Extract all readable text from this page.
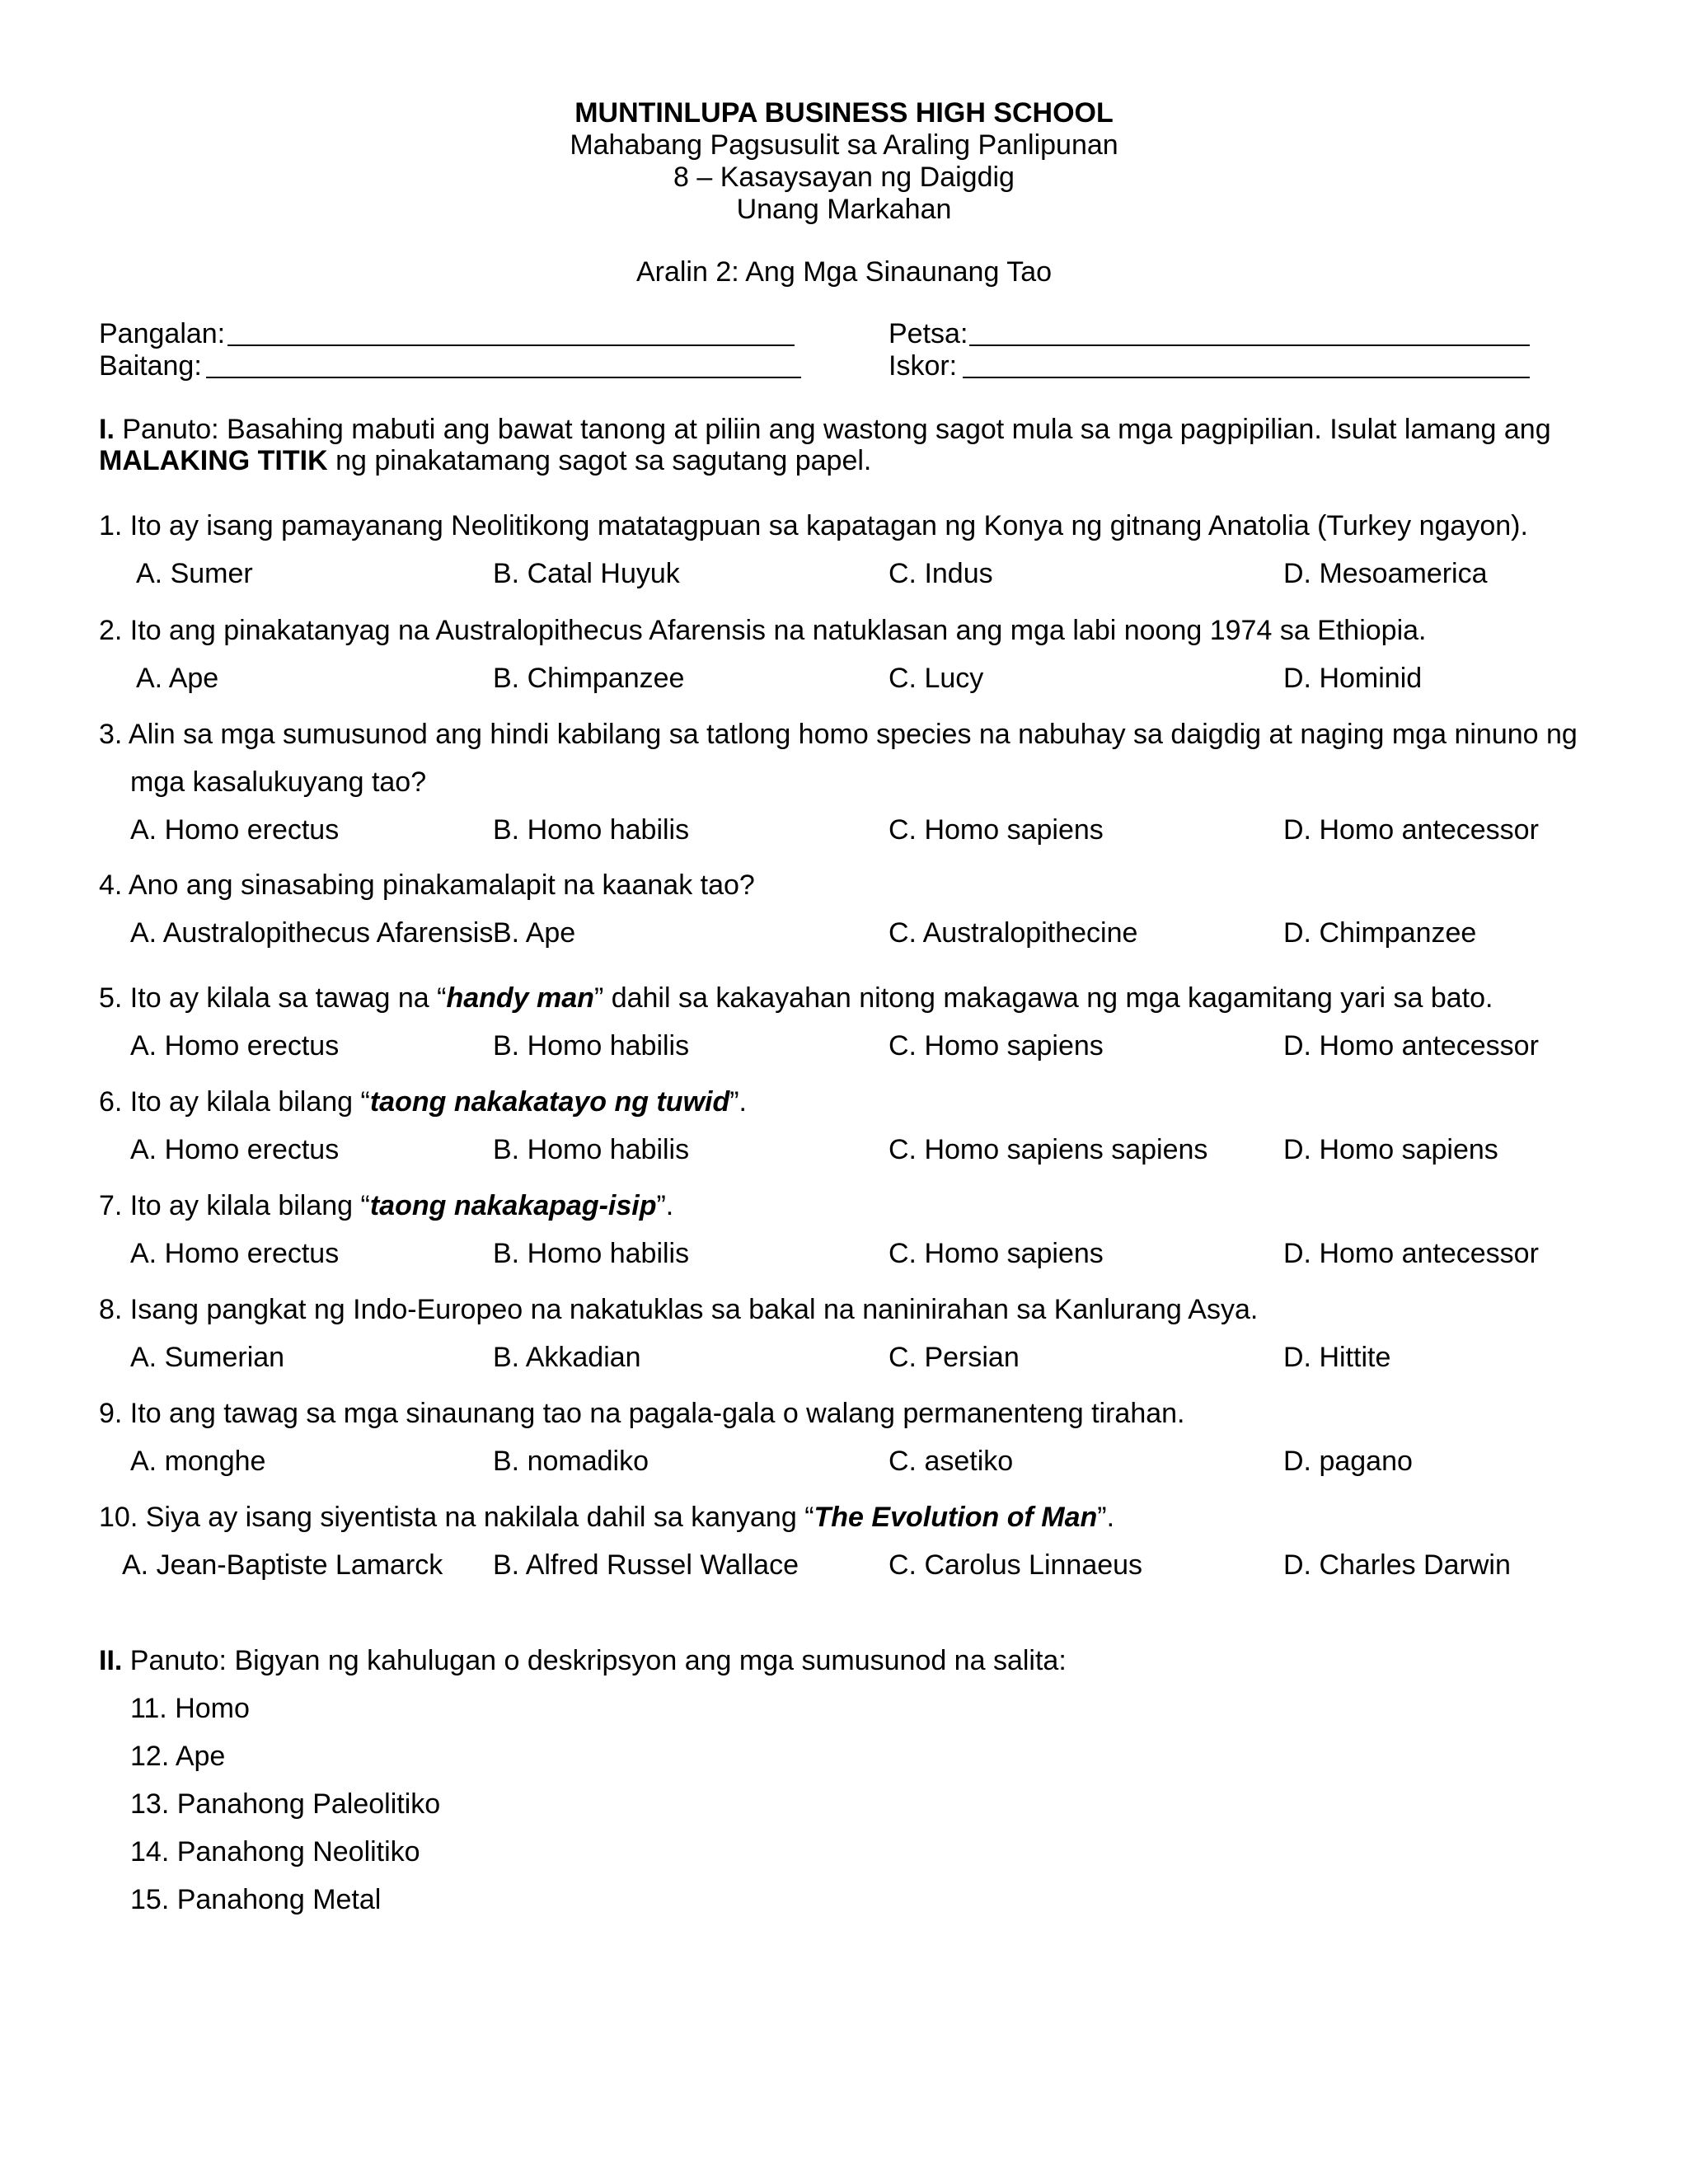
MUNTINLUPA BUSINESS HIGH SCHOOL
Mahabang Pagsusulit sa Araling Panlipunan
8 – Kasaysayan ng Daigdig
Unang Markahan
Aralin 2: Ang Mga Sinaunang Tao
Pangalan:	Petsa:
Baitang:	Iskor:
I. Panuto: Basahing mabuti ang bawat tanong at piliin ang wastong sagot mula sa mga pagpipilian. Isulat lamang ang MALAKING TITIK ng pinakatamang sagot sa sagutang papel.
1. Ito ay isang pamayanang Neolitikong matatagpuan sa kapatagan ng Konya ng gitnang Anatolia (Turkey ngayon).
A. Sumer	B. Catal Huyuk	C. Indus	D. Mesoamerica
2. Ito ang pinakatanyag na Australopithecus Afarensis na natuklasan ang mga labi noong 1974 sa Ethiopia.
A. Ape	B. Chimpanzee	C. Lucy	D. Hominid
3. Alin sa mga sumusunod ang hindi kabilang sa tatlong homo species na nabuhay sa daigdig at naging mga ninuno ng
mga kasalukuyang tao?
A. Homo erectus	B. Homo habilis	C. Homo sapiens	D. Homo antecessor
4. Ano ang sinasabing pinakamalapit na kaanak tao?
A. Australopithecus Afarensis B. Ape	C. Australopithecine	D. Chimpanzee
5. Ito ay kilala sa tawag na “handy man” dahil sa kakayahan nitong makagawa ng mga kagamitang yari sa bato.
A. Homo erectus	B. Homo habilis	C. Homo sapiens	D. Homo antecessor
6. Ito ay kilala bilang “taong nakakatayo ng tuwid”.
A. Homo erectus	B. Homo habilis	C. Homo sapiens sapiens	D. Homo sapiens
7. Ito ay kilala bilang “taong nakakapag-isip”.
A. Homo erectus	B. Homo habilis	C. Homo sapiens	D. Homo antecessor
8. Isang pangkat ng Indo-Europeo na nakatuklas sa bakal na naninirahan sa Kanlurang Asya.
A. Sumerian	B. Akkadian	C. Persian	D. Hittite
9. Ito ang tawag sa mga sinaunang tao na pagala-gala o walang permanenteng tirahan.
A. monghe	B. nomadiko	C. asetiko	D. pagano
10. Siya ay isang siyentista na nakilala dahil sa kanyang “The Evolution of Man”.
A. Jean-Baptiste Lamarck B. Alfred Russel Wallace	C. Carolus Linnaeus	D. Charles Darwin
II. Panuto: Bigyan ng kahulugan o deskripsyon ang mga sumusunod na salita:
11. Homo
12. Ape
13. Panahong Paleolitiko
14. Panahong Neolitiko
15. Panahong Metal
